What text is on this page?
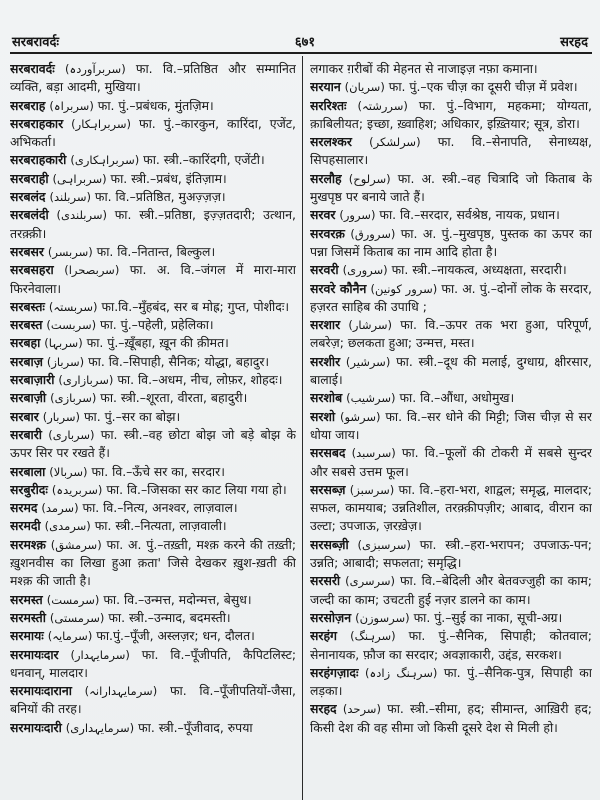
सरबरावर्दः	६७१	सरहद

सरबरावर्दः (سربرآوردہ) फा. वि.–प्रतिष्ठित और सम्मानित व्यक्ति, बड़ा आदमी, मुखिया।

सरबराह (سربراہ) फा. पुं.–प्रबंधक, मुंतज़िम।

सरबराहकार (سربراہکار) फा. पुं.–कारकुन, कारिंदा, एजेंट, अभिकर्ता।

सरबराहकारी (سربراہکاری) फा. स्त्री.–कारिंदगी, एजेंटी।

सरबराही (سربراہی) फा. स्त्री.–प्रबंध, इंतिज़ाम।

सरबलंद (سربلند) फा. वि.–प्रतिष्ठित, मुअज़्ज़ज़।

सरबलंदी (سربلندی) फा. स्त्री.–प्रतिष्ठा, इज़्ज़तदारी; उत्थान, तरक़्क़ी।

सरबसर (سربسر) फा. वि.–नितान्त, बिल्कुल।

सरबसहरा (سربصحرا) फा. अ. वि.–जंगल में मारा-मारा फिरनेवाला।

सरबस्तः (سربستہ) फा.वि.–मुँहबंद, सर ब मोह्र; गुप्त, पोशीदः।

सरबस्त (سربست) फा. पुं.–पहेली, प्रहेलिका।

सरबहा (سربہا) फा. पुं.–ख़ूँबहा, ख़ून की क़ीमत।

सरबाज़ (سرباز) फा. वि.–सिपाही, सैनिक; योद्धा, बहादुर।

सरबाज़ारी (سربازاری) फा. वि.–अधम, नीच, लोफ़र, शोहदः।

सरबाज़ी (سربازی) फा. स्त्री.–शूरता, वीरता, बहादुरी।

सरबार (سربار) फा. पुं.–सर का बोझ।

सरबारी (سرباری) फा. स्त्री.–वह छोटा बोझ जो बड़े बोझ के ऊपर सिर पर रखते हैं।

सरबाला (سربالا) फा. वि.–ऊँचे सर का, सरदार।

सरबुरीदः (سربریدہ) फा. वि.–जिसका सर काट लिया गया हो।

सरमद (سرمد) फा. वि.–नित्य, अनश्वर, लाज़वाल।

सरमदी (سرمدی) फा. स्त्री.–नित्यता, लाज़वाली।

सरमश्क़ (سرمشق) फा. अ. पुं.–तख़्ती, मश्क़ करने की तख़्ती; ख़ुशनवीस का लिखा हुआ क़ता' जिसे देखकर ख़ुश-ख़ती की मश्क़ की जाती है।

सरमस्त (سرمست) फा. वि.–उन्मत्त, मदोन्मत्त, बेसुध।

सरमस्ती (سرمستی) फा. स्त्री.–उन्माद, बदमस्ती।

सरमायः (سرمایہ) फा.पुं.–पूँजी, अस्लज़र; धन, दौलत।

सरमायःदार (سرمایہدار) फा. वि.–पूँजीपति, कैपिटलिस्ट; धनवान्, मालदार।

सरमायःदाराना (سرمایہدارانہ) फा. वि.–पूँजीपतियों-जैसा, बनियों की तरह।

सरमायःदारी (سرمایہداری) फा. स्त्री.–पूँजीवाद, रुपया

लगाकर ग़रीबों की मेहनत से नाजाइज़ नफ़ा कमाना।

सरयान (سریان) फा. पुं.–एक चीज़ का दूसरी चीज़ में प्रवेश।

सररिश्तः (سررشتہ) फा. पुं.–विभाग, महकमा; योग्यता, क़ाबिलीयत; इच्छा, ख़्वाहिश; अधिकार, इख़्तियार; सूत्र, डोरा।

सरलश्कर (سرلشکر) फा. वि.–सेनापति, सेनाध्यक्ष, सिपहसालार।

सरलौह (سرلوح) फा. अ. स्त्री.–वह चित्रादि जो किताब के मुखपृष्ठ पर बनाये जाते हैं।

सरवर (سرور) फा. वि.–सरदार, सर्वश्रेष्ठ, नायक, प्रधान।

सरवरक़ (سرورق) फा. अ. पुं.–मुखपृष्ठ, पुस्तक का ऊपर का पन्ना जिसमें किताब का नाम आदि होता है।

सरवरी (سروری) फा. स्त्री.–नायकत्व, अध्यक्षता, सरदारी।

सरवरे कौनैन (سرور کونین) फा. अ. पुं.–दोनों लोक के सरदार, हज़रत साहिब की उपाधि ;

सरशार (سرشار) फा. वि.–ऊपर तक भरा हुआ, परिपूर्ण, लबरेज़; छलकता हुआ; उन्मत्त, मस्त।

सरशीर (سرشیر) फा. स्त्री.–दूध की मलाई, दुग्धाग्र, क्षीरसार, बालाई।

सरशोब (سرشیب) फा. वि.–औंधा, अधोमुख।

सरशो (سرشو) फा. वि.–सर धोने की मिट्टी; जिस चीज़ से सर धोया जाय।

सरसबद (سرسبد) फा. वि.–फूलों की टोकरी में सबसे सुन्दर और सबसे उत्तम फूल।

सरसब्ज़ (سرسبز) फा. वि.–हरा-भरा, शाद्वल; समृद्ध, मालदार; सफल, कामयाब; उन्नतिशील, तरक़्क़ीपज़ीर; आबाद, वीरान का उल्टा; उपजाऊ, ज़रख़ेज़।

सरसब्ज़ी (سرسبزی) फा. स्त्री.–हरा-भरापन; उपजाऊ-पन; उन्नति; आबादी; सफलता; समृद्धि।

सरसरी (سرسری) फा. वि.–बेदिली और बेतवज्जुही का काम; जल्दी का काम; उचटती हुई नज़र डालने का काम।

सरसोज़न (سرسوزن) फा. पुं.–सुई का नाका, सूची-अग्र।

सरहंग (سرہنگ) फा. पुं.–सैनिक, सिपाही; कोतवाल; सेनानायक, फ़ौज का सरदार; अवज्ञाकारी, उद्दंड, सरकश।

सरहंगज़ादः (سرہنگ زادہ) फा. पुं.–सैनिक-पुत्र, सिपाही का लड़का।

सरहद (سرحد) फा. स्त्री.–सीमा, हद; सीमान्त, आख़िरी हद; किसी देश की वह सीमा जो किसी दूसरे देश से मिली हो।
